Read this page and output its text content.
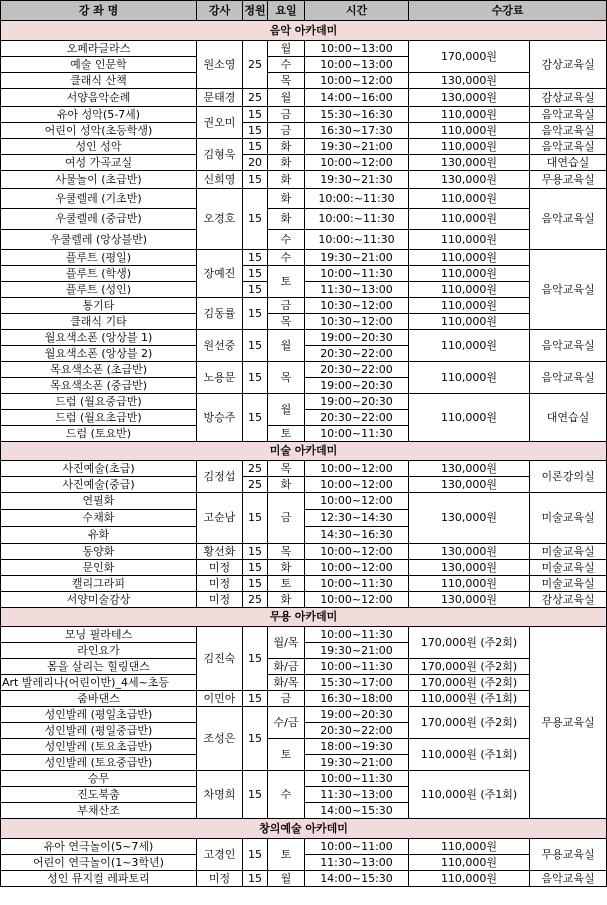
강 좌 명	강사	정원	요일	시간	수강료	
음악 아카데미						
오페라글라스	원소영	25	월	10:00~13:00	170,000원	감상교육실
예술 인문학			수	10:00~13:00		
클래식 산책			목	10:00~12:00	130,000원	
서양음악순례	문태경	25	월	14:00~16:00	130,000원	감상교육실
유아 성악(5-7세)	권오미	15	금	15:30~16:30	110,000원	음악교육실
어린이 성악(초등학생)		15	금	16:30~17:30	110,000원	음악교육실
성인 성악	김형욱	15	화	19:30~21:00	110,000원	음악교육실
여성 가곡교실		20	화	10:00~12:00	130,000원	대연습실
사물놀이 (초급반)	신희영	15	화	19:30~21:30	130,000원	무용교육실
우쿨렐레 (기초반)	오경호	15	화	10:00:~11:30	110,000원	음악교육실
우쿨렐레 (중급반)			화	10:00:~11:30	110,000원	
우쿨렐레 (앙상블반)			수	10:00:~11:30	110,000원	
플루트 (평일)	장예진	15	수	19:30~21:00	110,000원	음악교육실
플루트 (학생)		15	토	10:00~11:30	110,000원	
플루트 (성인)		15		11:30~13:00	110,000원	
통기타	김동률	15	금	10:30~12:00	110,000원	
클래식 기타			목	10:30~12:00	110,000원	
월요색소폰 (앙상블 1)	원선중	15	월	19:00~20:30	110,000원	음악교육실
월요색소폰 (앙상블 2)				20:30~22:00		
목요색소폰 (초급반)	노용문	15	목	20:30~22:00	110,000원	음악교육실
목요색소폰 (중급반)				19:00~20:30		
드럼 (월요중급반)	방승주	15	월	19:00~20:30	110,000원	대연습실
드럼 (월요초급반)				20:30~22:00		
드럼 (토요반)			토	10:00~11:30		
미술 아카데미						
사진예술(초급)	김정섭	25	목	10:00~12:00	130,000원	이론강의실
사진예술(중급)		25	화	10:00~12:00	130,000원	
연필화	고순남	15	금	10:00~12:00	130,000원	미술교육실
수채화				12:30~14:30		
유화				14:30~16:30		
동양화	황선화	15	목	10:00~12:00	130,000원	미술교육실
문인화	미정	15	화	10:00~12:00	130,000원	미술교육실
캘리그라피	미정	15	토	10:00~11:30	110,000원	미술교육실
서양미술감상	미정	25	화	10:00~12:00	130,000원	감상교육실
무용 아카데미						
모닝 필라테스	김진숙	15	월/목	10:00~11:30	170,000원 (주2회)	무용교육실
라인요가				19:30~21:00		
몸을 살리는 힐링댄스			화/금	10:00~11:30	170,000원 (주2회)	
Art 발레리나(어린이반)_4세~초등			화/목	15:30~17:00	170,000원 (주2회)	
줌바댄스	이민아	15	금	16:30~18:00	110,000원 (주1회)	
성인발레 (평일초급반)	조성은	15	수/금	19:00~20:30	170,000원 (주2회)	
성인발레 (평일중급반)				20:30~22:00		
성인발레 (토요초급반)			토	18:00~19:30	110,000원 (주1회)	
성인발레 (토요중급반)				19:30~21:00		
승무	차명희	15	수	10:00~11:30	110,000원 (주1회)	
진도북춤				11:30~13:00		
부채산조				14:00~15:30		
창의예술 아카데미						
유아 연극놀이(5~7세)	고경인	15	토	10:00~11:00	110,000원	무용교육실
어린이 연극놀이(1~3학년)				11:30~13:00	110,000원	
성인 뮤지컬 레파토리	미정	15	월	14:00~15:30	110,000원	음악교육실
